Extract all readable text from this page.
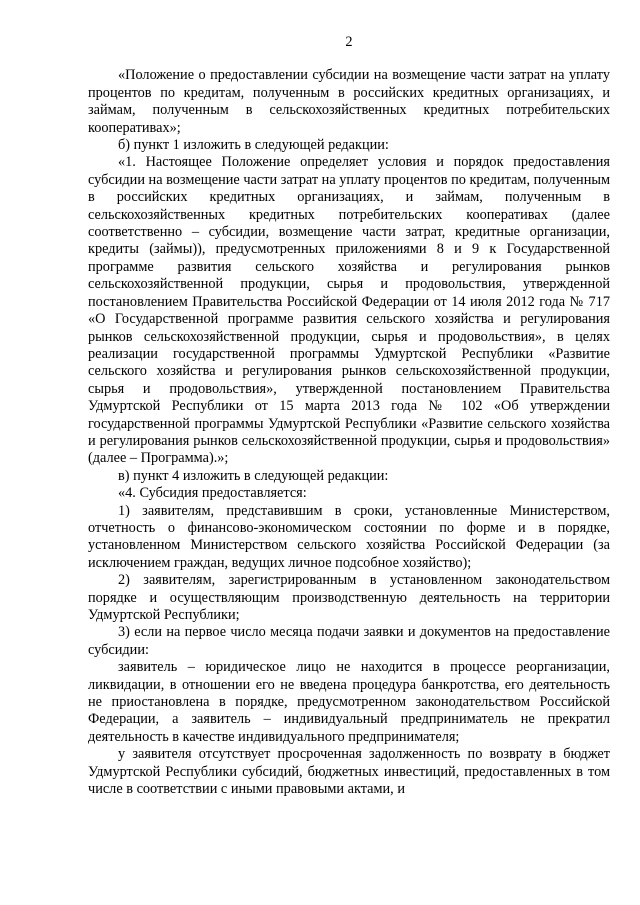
2

«Положение о предоставлении субсидии на возмещение части затрат на уплату процентов по кредитам, полученным в российских кредитных организациях, и займам, полученным в сельскохозяйственных кредитных потребительских кооперативах»;

б) пункт 1 изложить в следующей редакции:

«1. Настоящее Положение определяет условия и порядок предоставления субсидии на возмещение части затрат на уплату процентов по кредитам, полученным в российских кредитных организациях, и займам, полученным в сельскохозяйственных кредитных потребительских кооперативах (далее соответственно – субсидии, возмещение части затрат, кредитные организации, кредиты (займы)), предусмотренных приложениями 8 и 9 к Государственной программе развития сельского хозяйства и регулирования рынков сельскохозяйственной продукции, сырья и продовольствия, утвержденной постановлением Правительства Российской Федерации от 14 июля 2012 года № 717 «О Государственной программе развития сельского хозяйства и регулирования рынков сельскохозяйственной продукции, сырья и продовольствия», в целях реализации государственной программы Удмуртской Республики «Развитие сельского хозяйства и регулирования рынков сельскохозяйственной продукции, сырья и продовольствия», утвержденной постановлением Правительства Удмуртской Республики от 15 марта 2013 года № 102 «Об утверждении государственной программы Удмуртской Республики «Развитие сельского хозяйства и регулирования рынков сельскохозяйственной продукции, сырья и продовольствия» (далее – Программа).»;

в) пункт 4 изложить в следующей редакции:

«4. Субсидия предоставляется:

1) заявителям, представившим в сроки, установленные Министерством, отчетность о финансово-экономическом состоянии по форме и в порядке, установленном Министерством сельского хозяйства Российской Федерации (за исключением граждан, ведущих личное подсобное хозяйство);

2) заявителям, зарегистрированным в установленном законодательством порядке и осуществляющим производственную деятельность на территории Удмуртской Республики;

3) если на первое число месяца подачи заявки и документов на предоставление субсидии:

заявитель – юридическое лицо не находится в процессе реорганизации, ликвидации, в отношении его не введена процедура банкротства, его деятельность не приостановлена в порядке, предусмотренном законодательством Российской Федерации, а заявитель – индивидуальный предприниматель не прекратил деятельность в качестве индивидуального предпринимателя;

у заявителя отсутствует просроченная задолженность по возврату в бюджет Удмуртской Республики субсидий, бюджетных инвестиций, предоставленных в том числе в соответствии с иными правовыми актами, и
